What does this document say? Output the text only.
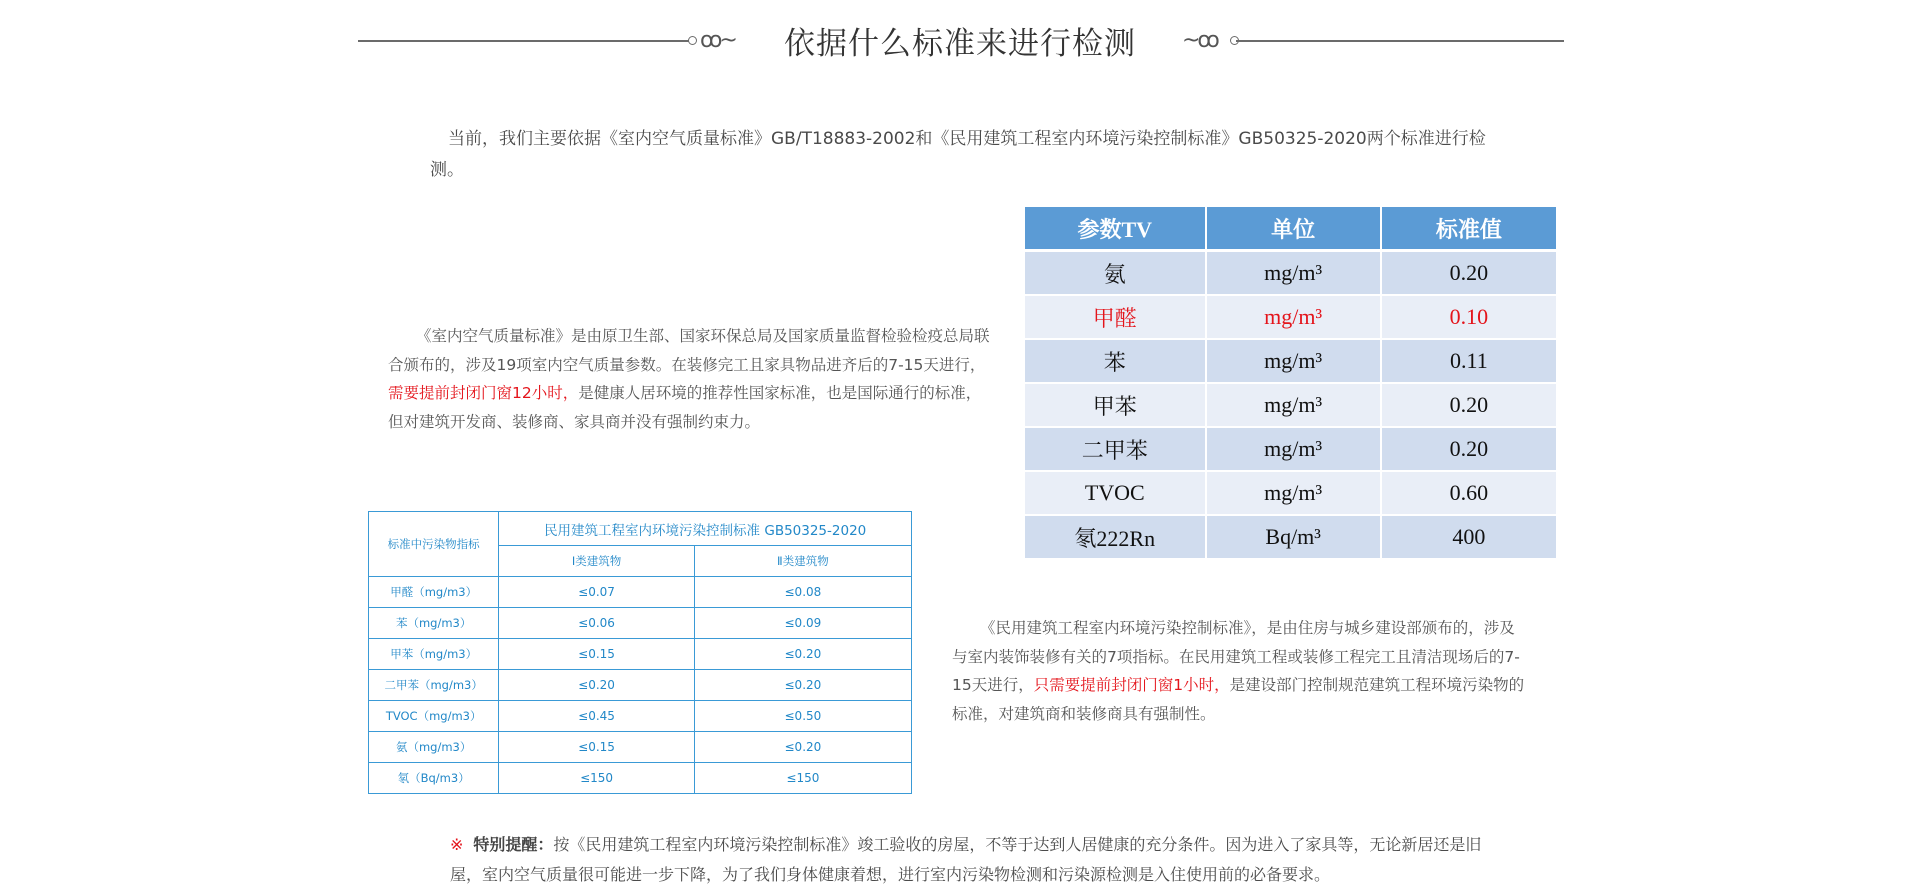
ꝏ~	依据什么标准来进行检测	~ꝏ
当前，我们主要依据《室内空气质量标准》GB/T18883-2002和《民用建筑工程室内环境污染控制标准》GB50325-2020两个标准进行检测。
《室内空气质量标准》是由原卫生部、国家环保总局及国家质量监督检验检疫总局联合颁布的，涉及19项室内空气质量参数。在装修完工且家具物品进齐后的7-15天进行，需要提前封闭门窗12小时，是健康人居环境的推荐性国家标准，也是国际通行的标准，但对建筑开发商、装修商、家具商并没有强制约束力。
参数TV	单位	标准值
氨	mg/m³	0.20
甲醛	mg/m³	0.10
苯	mg/m³	0.11
甲苯	mg/m³	0.20
二甲苯	mg/m³	0.20
TVOC	mg/m³	0.60
氡222Rn	Bq/m³	400
标准中污染物指标	民用建筑工程室内环境污染控制标准 GB50325-2020	
	Ⅰ类建筑物	Ⅱ类建筑物
甲醛（mg/m3）	≤0.07	≤0.08
苯（mg/m3）	≤0.06	≤0.09
甲苯（mg/m3）	≤0.15	≤0.20
二甲苯（mg/m3）	≤0.20	≤0.20
TVOC（mg/m3）	≤0.45	≤0.50
氨（mg/m3）	≤0.15	≤0.20
氡（Bq/m3）	≤150	≤150
《民用建筑工程室内环境污染控制标准》，是由住房与城乡建设部颁布的，涉及与室内装饰装修有关的7项指标。在民用建筑工程或装修工程完工且清洁现场后的7-15天进行，只需要提前封闭门窗1小时，是建设部门控制规范建筑工程环境污染物的标准，对建筑商和装修商具有强制性。
※ 特别提醒：按《民用建筑工程室内环境污染控制标准》竣工验收的房屋，不等于达到人居健康的充分条件。因为进入了家具等，无论新居还是旧屋，室内空气质量很可能进一步下降，为了我们身体健康着想，进行室内污染物检测和污染源检测是入住使用前的必备要求。
